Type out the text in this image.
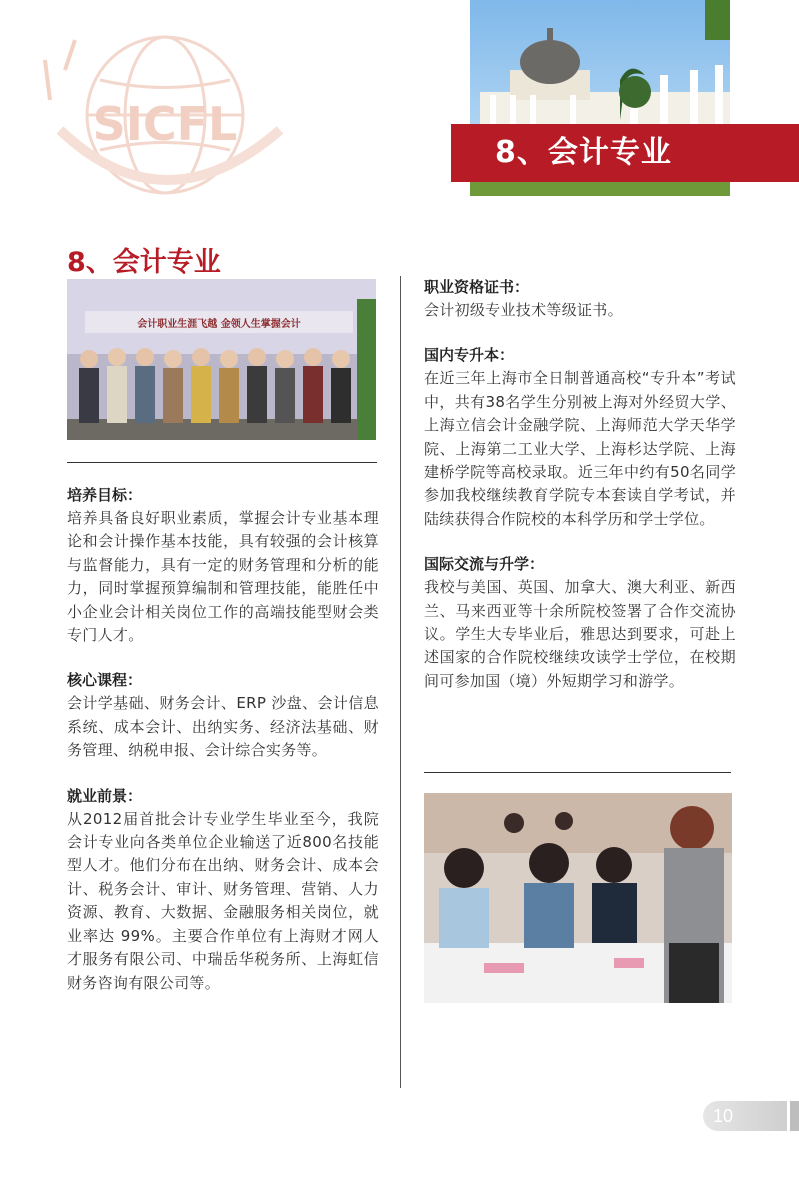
SICFL
8、会计专业
8、会计专业
会计职业生涯飞越 金领人生掌握会计
培养目标：

培养具备良好职业素质，掌握会计专业基本理论和会计操作基本技能，具有较强的会计核算与监督能力，具有一定的财务管理和分析的能力，同时掌握预算编制和管理技能，能胜任中小企业会计相关岗位工作的高端技能型财会类专门人才。

核心课程：

会计学基础、财务会计、ERP 沙盘、会计信息系统、成本会计、出纳实务、经济法基础、财务管理、纳税申报、会计综合实务等。

就业前景：

从2012届首批会计专业学生毕业至今，我院会计专业向各类单位企业输送了近800名技能型人才。他们分布在出纳、财务会计、成本会计、税务会计、审计、财务管理、营销、人力资源、教育、大数据、金融服务相关岗位，就业率达 99%。主要合作单位有上海财才网人才服务有限公司、中瑞岳华税务所、上海虹信财务咨询有限公司等。

职业资格证书：

会计初级专业技术等级证书。

国内专升本：

在近三年上海市全日制普通高校“专升本”考试中，共有38名学生分别被上海对外经贸大学、上海立信会计金融学院、上海师范大学天华学院、上海第二工业大学、上海杉达学院、上海建桥学院等高校录取。近三年中约有50名同学参加我校继续教育学院专本套读自学考试，并陆续获得合作院校的本科学历和学士学位。

国际交流与升学：

我校与美国、英国、加拿大、澳大利亚、新西兰、马来西亚等十余所院校签署了合作交流协议。学生大专毕业后，雅思达到要求，可赴上述国家的合作院校继续攻读学士学位，在校期间可参加国（境）外短期学习和游学。

10
